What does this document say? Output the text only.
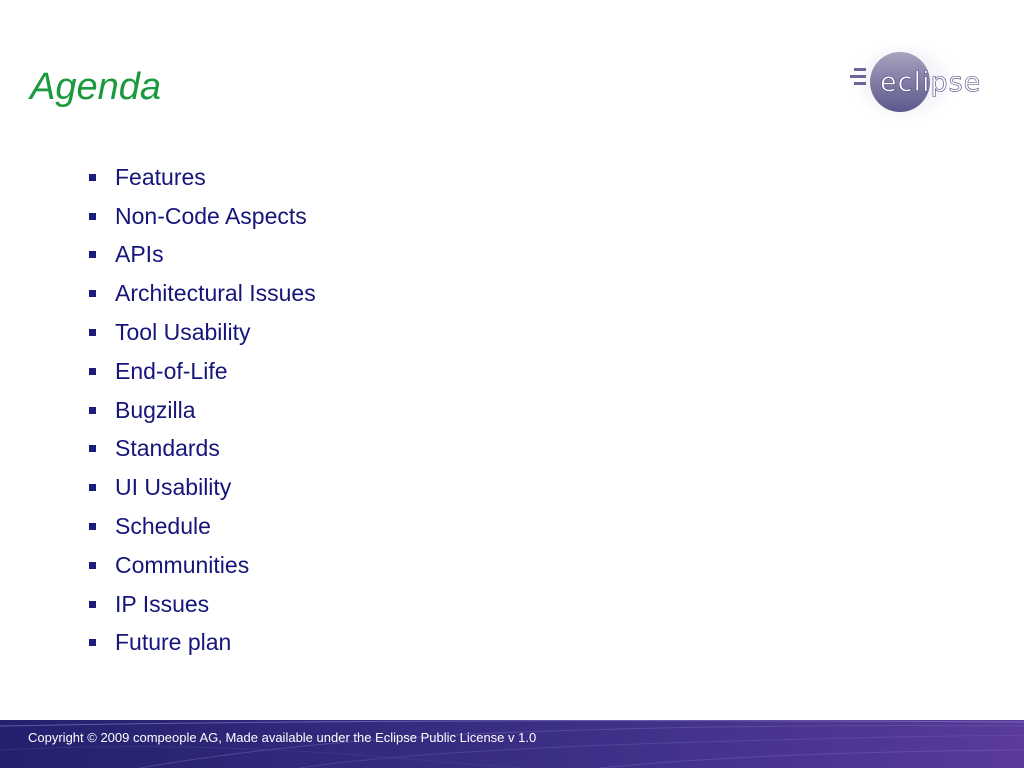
Agenda	eclipse
Features
Non-Code Aspects
APIs
Architectural Issues
Tool Usability
End-of-Life
Bugzilla
Standards
UI Usability
Schedule
Communities
IP Issues
Future plan
Copyright © 2009 compeople AG, Made available under the Eclipse Public License v 1.0
